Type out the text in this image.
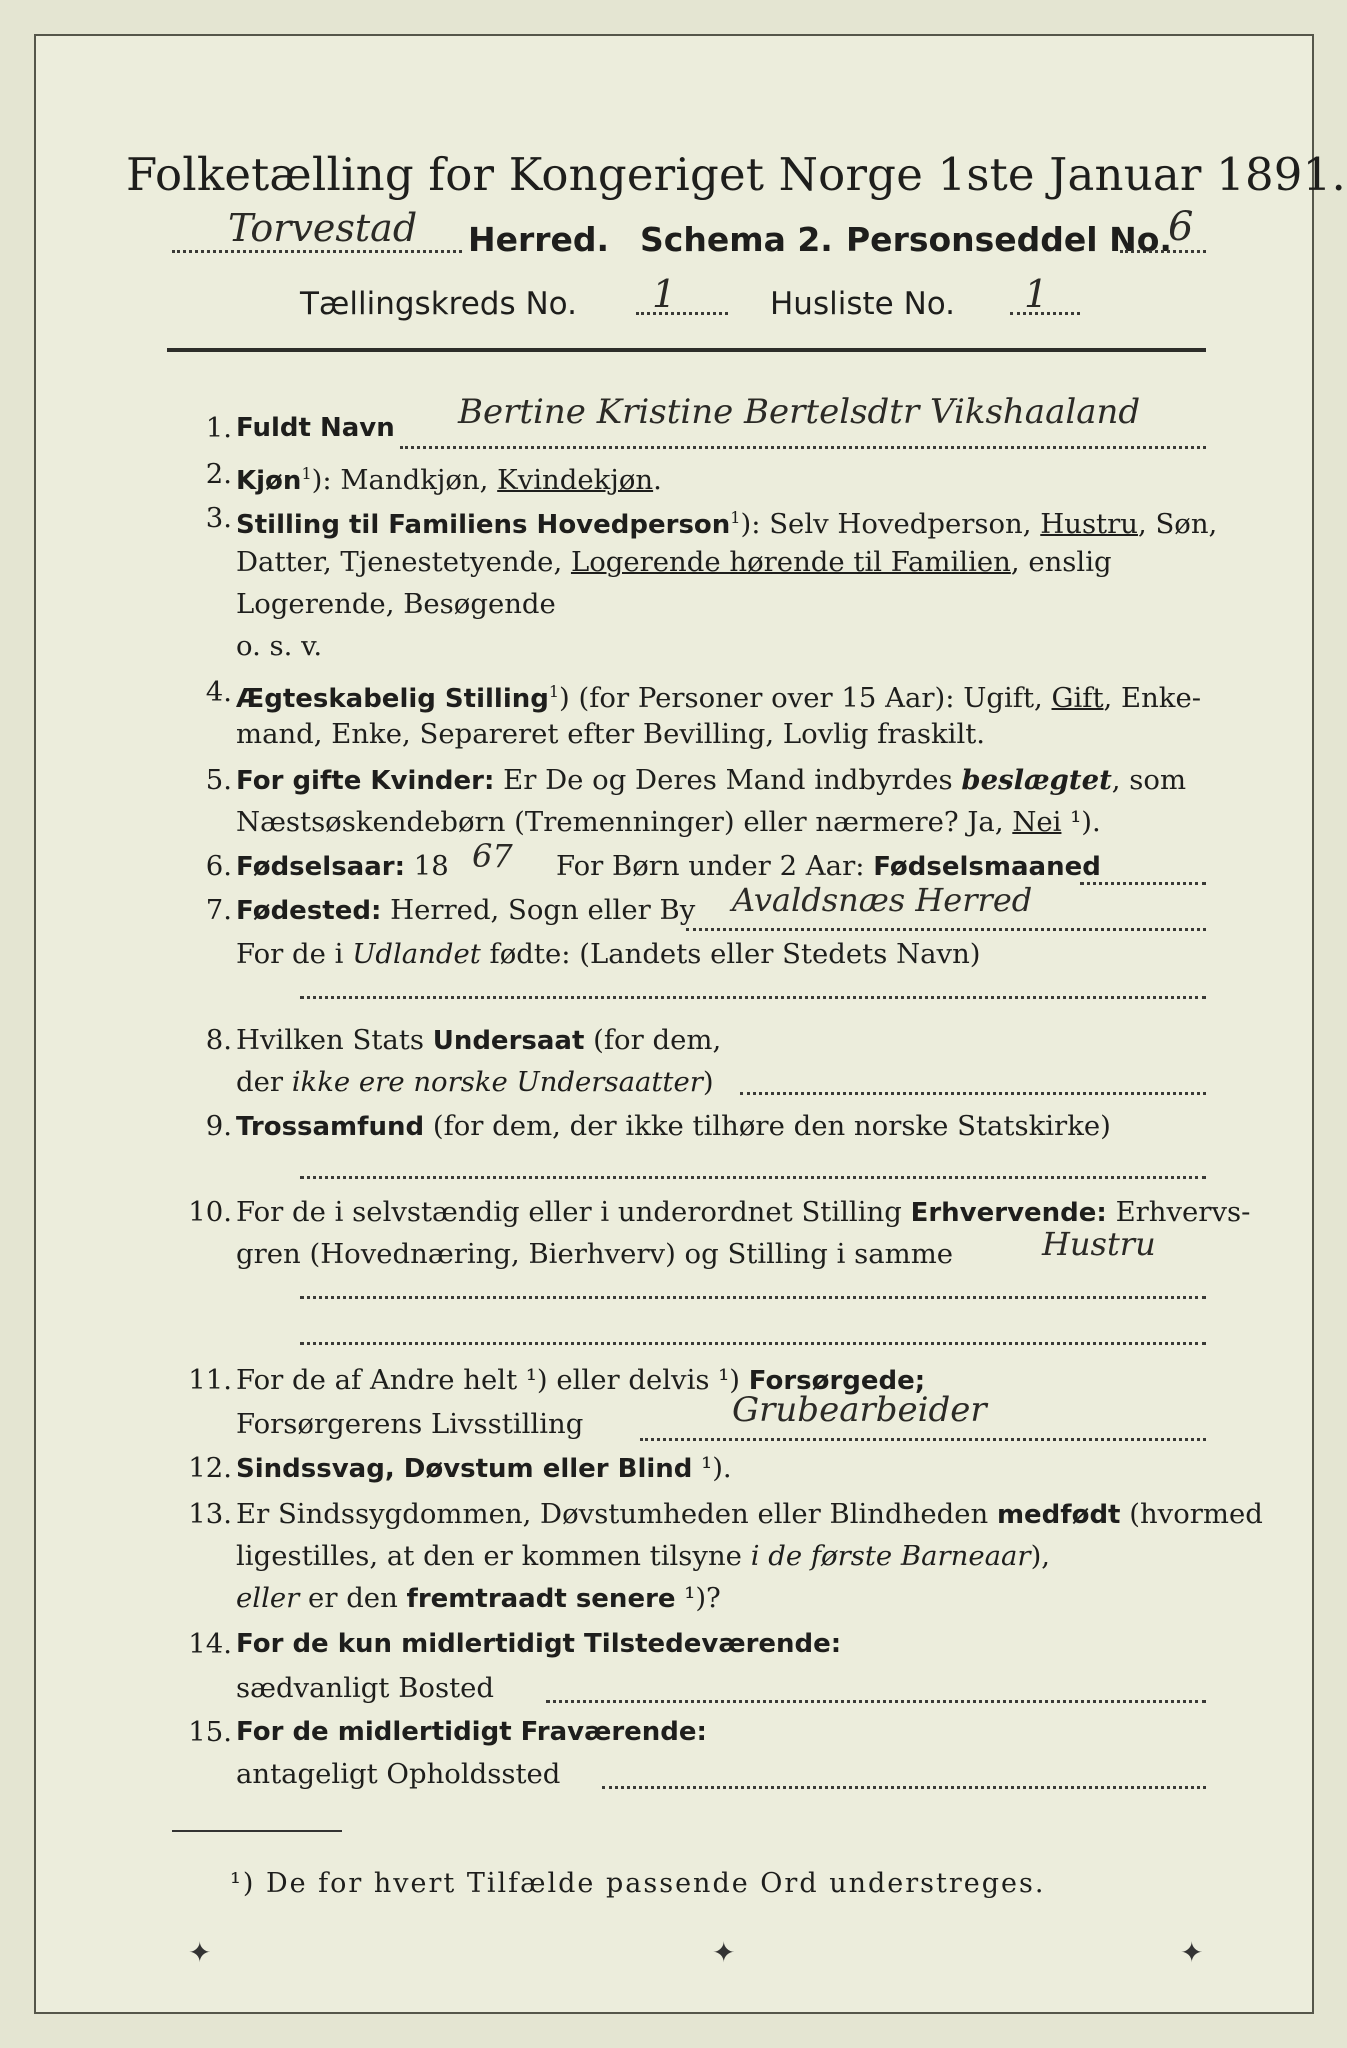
Folketælling for Kongeriget Norge 1ste Januar 1891.
Torvestad Herred. Schema 2. Personseddel No.
6
Tællingskreds No. 1	Husliste No. 1
1. Fuldt Navn Bertine Kristine Bertelsdtr Vikshaaland
2. Kjøn$^1$): Mandkjøn, Kvindekjøn.
3. Stilling til Familiens Hovedperson$^1$): Selv Hovedperson, Hustru, Søn,
Datter, Tjenestetyende, Logerende hørende til Familien, enslig
Logerende, Besøgende
o. s. v.
4. Ægteskabelig Stilling$^1$) (for Personer over 15 Aar): Ugift, Gift, Enke-
mand, Enke, Separeret efter Bevilling, Lovlig fraskilt.
5. For gifte Kvinder: Er De og Deres Mand indbyrdes beslægtet, som
Næstsøskendebørn (Tremenninger) eller nærmere? Ja, Nei ¹).
6. Fødselsaar: 18 67 For Børn under 2 Aar: Fødselsmaaned
7. Fødested: Herred, Sogn eller By Avaldsnæs Herred
For de i Udlandet fødte: (Landets eller Stedets Navn)
8. Hvilken Stats Undersaat (for dem,
der ikke ere norske Undersaatter)
9. Trossamfund (for dem, der ikke tilhøre den norske Statskirke)
10. For de i selvstændig eller i underordnet Stilling Erhvervende: Erhvervs-
gren (Hovednæring, Bierhverv) og Stilling i samme	Hustru
11. For de af Andre helt ¹) eller delvis ¹) Forsørgede;
Forsørgerens Livsstilling	Grubearbeider
12. Sindssvag, Døvstum eller Blind ¹).
13. Er Sindssygdommen, Døvstumheden eller Blindheden medfødt (hvormed
ligestilles, at den er kommen tilsyne i de første Barneaar),
eller er den fremtraadt senere ¹)?
14. For de kun midlertidigt Tilstedeværende:
sædvanligt Bosted
15. For de midlertidigt Fraværende:
antageligt Opholdssted
¹) De for hvert Tilfælde passende Ord understreges.
✦	✦	✦
